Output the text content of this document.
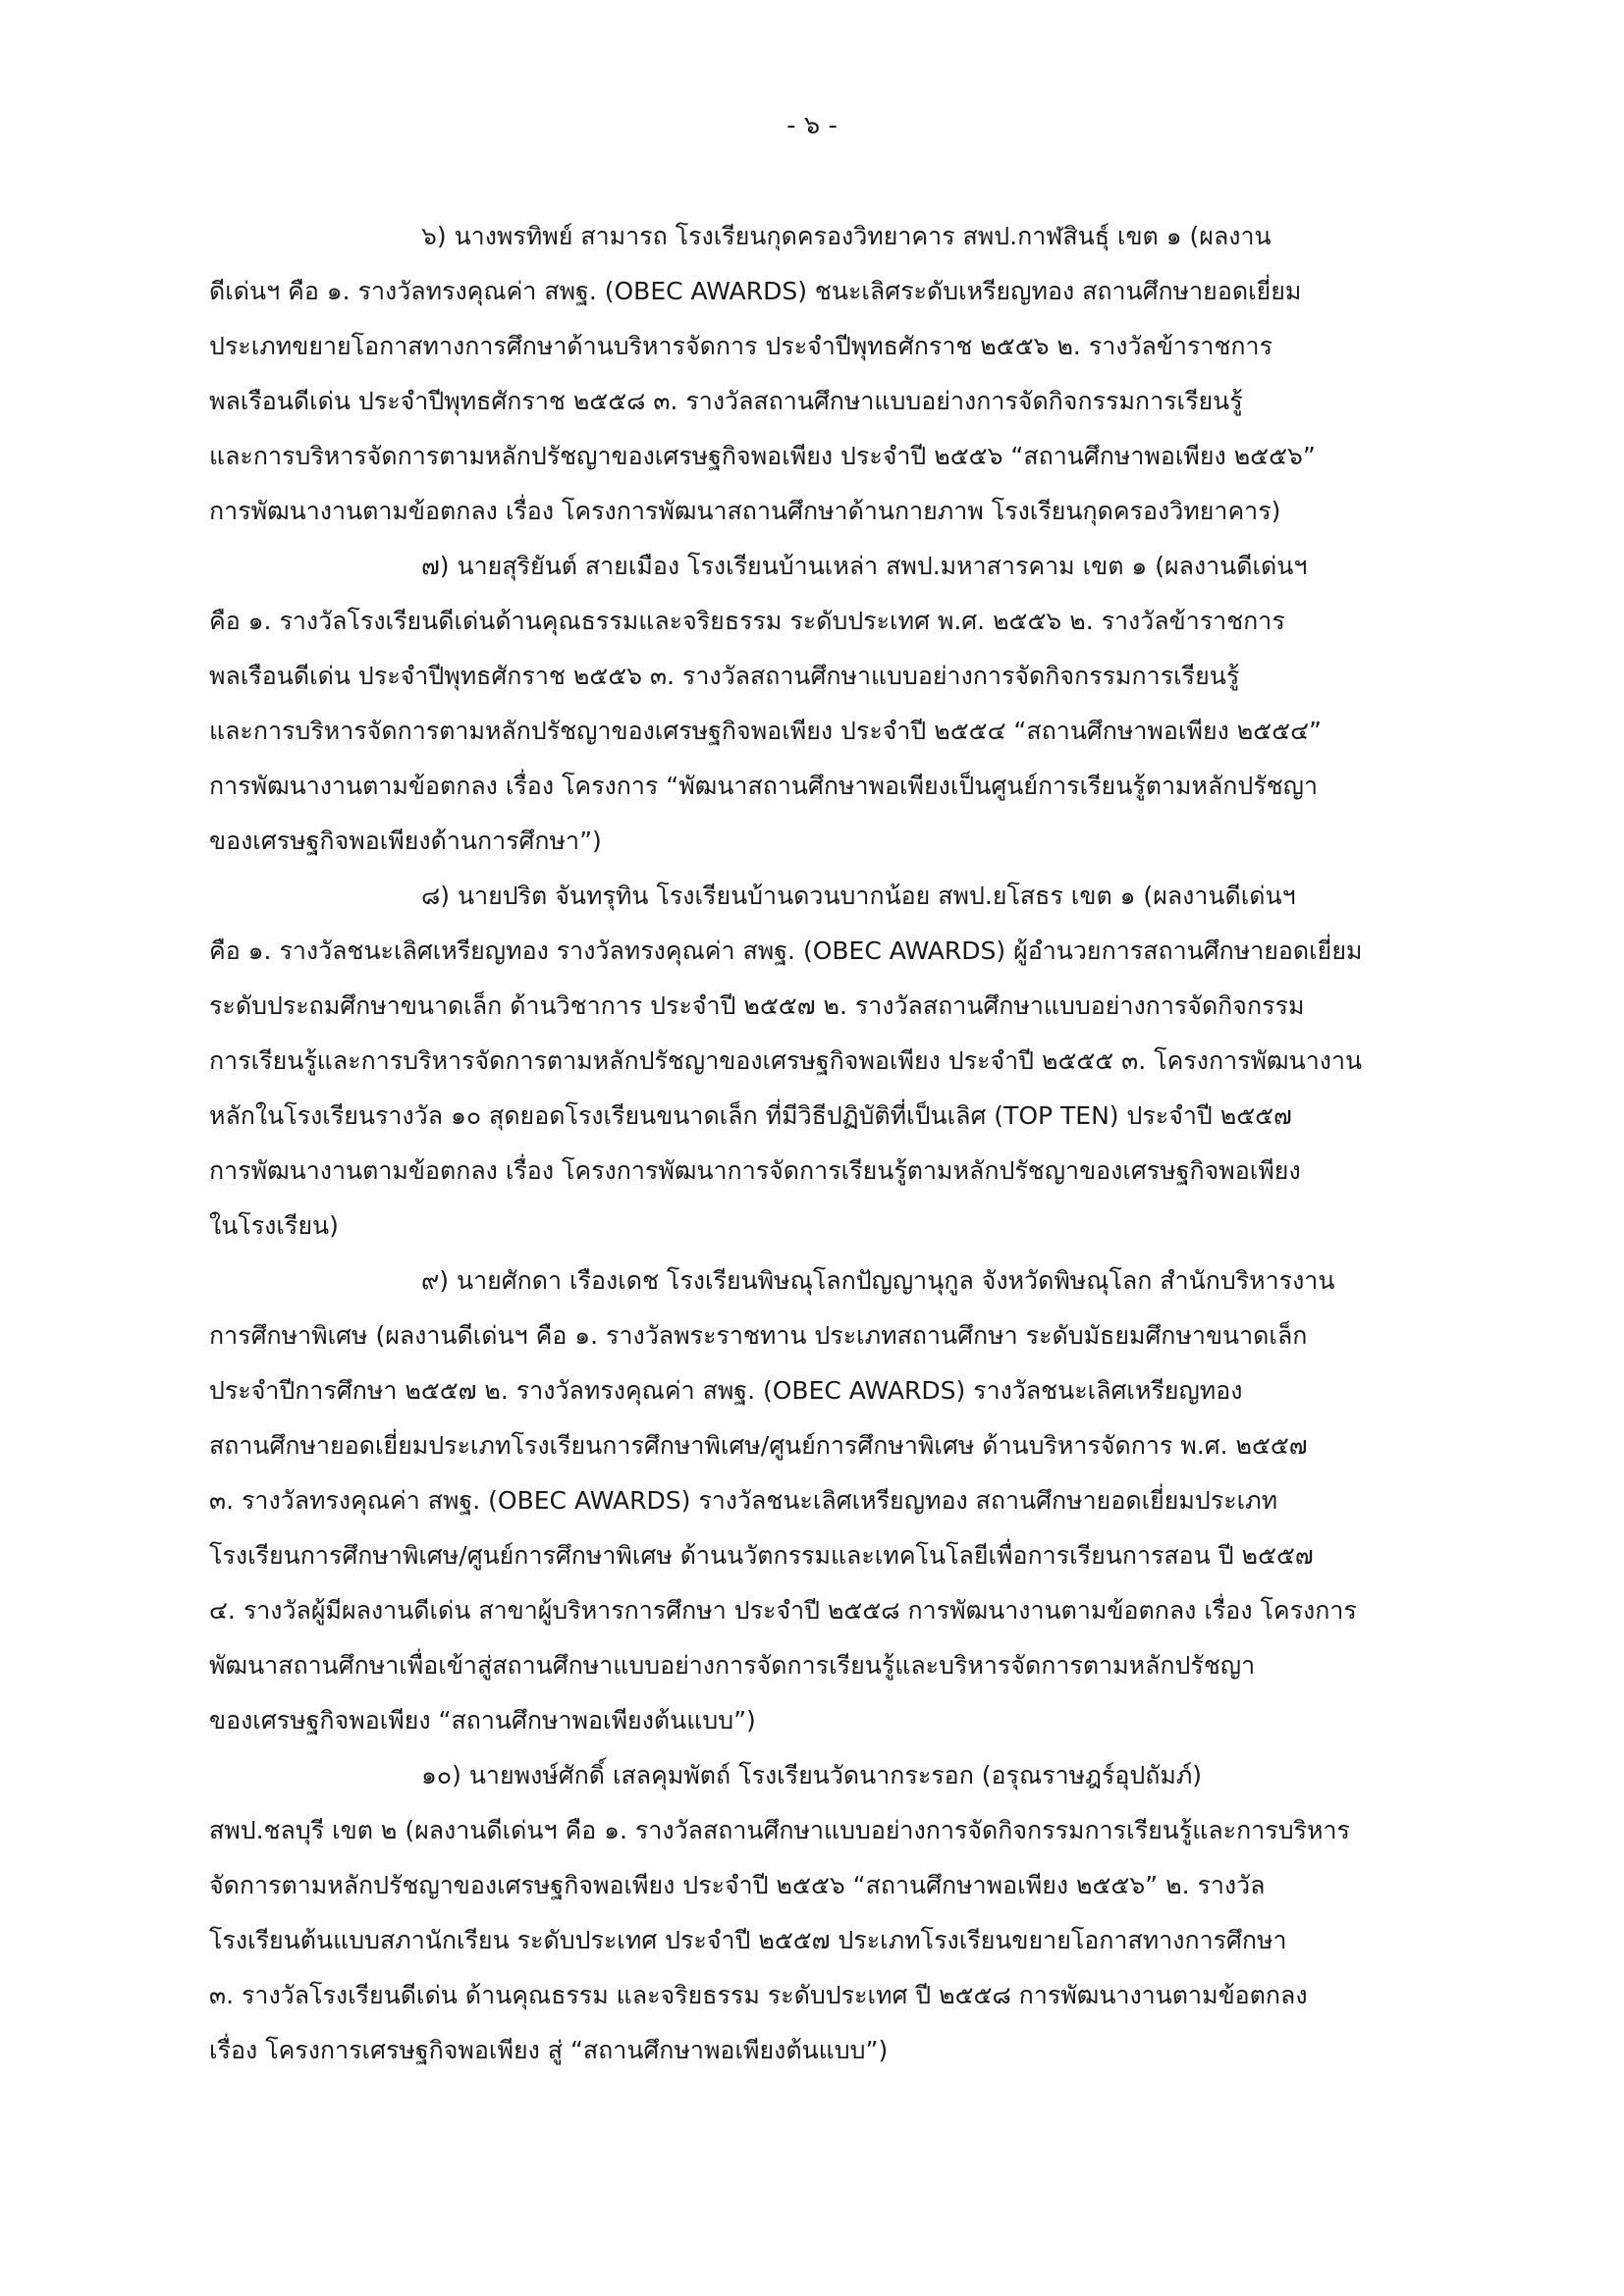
- ๖ -
๖) นางพรทิพย์ สามารถ โรงเรียนกุดครองวิทยาคาร สพป.กาฬสินธุ์ เขต ๑ (ผลงาน
ดีเด่นฯ คือ ๑. รางวัลทรงคุณค่า สพฐ. (OBEC AWARDS) ชนะเลิศระดับเหรียญทอง สถานศึกษายอดเยี่ยม
ประเภทขยายโอกาสทางการศึกษาด้านบริหารจัดการ ประจำปีพุทธศักราช ๒๕๕๖ ๒. รางวัลข้าราชการ
พลเรือนดีเด่น ประจำปีพุทธศักราช ๒๕๕๘ ๓. รางวัลสถานศึกษาแบบอย่างการจัดกิจกรรมการเรียนรู้
และการบริหารจัดการตามหลักปรัชญาของเศรษฐกิจพอเพียง ประจำปี ๒๕๕๖ “สถานศึกษาพอเพียง ๒๕๕๖”
การพัฒนางานตามข้อตกลง เรื่อง โครงการพัฒนาสถานศึกษาด้านกายภาพ โรงเรียนกุดครองวิทยาคาร)
๗) นายสุริยันต์ สายเมือง โรงเรียนบ้านเหล่า สพป.มหาสารคาม เขต ๑ (ผลงานดีเด่นฯ
คือ ๑. รางวัลโรงเรียนดีเด่นด้านคุณธรรมและจริยธรรม ระดับประเทศ พ.ศ. ๒๕๕๖ ๒. รางวัลข้าราชการ
พลเรือนดีเด่น ประจำปีพุทธศักราช ๒๕๕๖ ๓. รางวัลสถานศึกษาแบบอย่างการจัดกิจกรรมการเรียนรู้
และการบริหารจัดการตามหลักปรัชญาของเศรษฐกิจพอเพียง ประจำปี ๒๕๕๔ “สถานศึกษาพอเพียง ๒๕๕๔”
การพัฒนางานตามข้อตกลง เรื่อง โครงการ “พัฒนาสถานศึกษาพอเพียงเป็นศูนย์การเรียนรู้ตามหลักปรัชญา
ของเศรษฐกิจพอเพียงด้านการศึกษา”)
๘) นายปริต จันทรุทิน โรงเรียนบ้านดวนบากน้อย สพป.ยโสธร เขต ๑ (ผลงานดีเด่นฯ
คือ ๑. รางวัลชนะเลิศเหรียญทอง รางวัลทรงคุณค่า สพฐ. (OBEC AWARDS) ผู้อำนวยการสถานศึกษายอดเยี่ยม
ระดับประถมศึกษาขนาดเล็ก ด้านวิชาการ ประจำปี ๒๕๕๗ ๒. รางวัลสถานศึกษาแบบอย่างการจัดกิจกรรม
การเรียนรู้และการบริหารจัดการตามหลักปรัชญาของเศรษฐกิจพอเพียง ประจำปี ๒๕๕๕ ๓. โครงการพัฒนางาน
หลักในโรงเรียนรางวัล ๑๐ สุดยอดโรงเรียนขนาดเล็ก ที่มีวิธีปฏิบัติที่เป็นเลิศ (TOP TEN) ประจำปี ๒๕๕๗
การพัฒนางานตามข้อตกลง เรื่อง โครงการพัฒนาการจัดการเรียนรู้ตามหลักปรัชญาของเศรษฐกิจพอเพียง
ในโรงเรียน)
๙) นายศักดา เรืองเดช โรงเรียนพิษณุโลกปัญญานุกูล จังหวัดพิษณุโลก สำนักบริหารงาน
การศึกษาพิเศษ (ผลงานดีเด่นฯ คือ ๑. รางวัลพระราชทาน ประเภทสถานศึกษา ระดับมัธยมศึกษาขนาดเล็ก
ประจำปีการศึกษา ๒๕๕๗ ๒. รางวัลทรงคุณค่า สพฐ. (OBEC AWARDS) รางวัลชนะเลิศเหรียญทอง
สถานศึกษายอดเยี่ยมประเภทโรงเรียนการศึกษาพิเศษ/ศูนย์การศึกษาพิเศษ ด้านบริหารจัดการ พ.ศ. ๒๕๕๗
๓. รางวัลทรงคุณค่า สพฐ. (OBEC AWARDS) รางวัลชนะเลิศเหรียญทอง สถานศึกษายอดเยี่ยมประเภท
โรงเรียนการศึกษาพิเศษ/ศูนย์การศึกษาพิเศษ ด้านนวัตกรรมและเทคโนโลยีเพื่อการเรียนการสอน ปี ๒๕๕๗
๔. รางวัลผู้มีผลงานดีเด่น สาขาผู้บริหารการศึกษา ประจำปี ๒๕๕๘ การพัฒนางานตามข้อตกลง เรื่อง โครงการ
พัฒนาสถานศึกษาเพื่อเข้าสู่สถานศึกษาแบบอย่างการจัดการเรียนรู้และบริหารจัดการตามหลักปรัชญา
ของเศรษฐกิจพอเพียง “สถานศึกษาพอเพียงต้นแบบ”)
๑๐) นายพงษ์ศักดิ์ เสลคุมพัตถ์ โรงเรียนวัดนากระรอก (อรุณราษฎร์อุปถัมภ์)
สพป.ชลบุรี เขต ๒ (ผลงานดีเด่นฯ คือ ๑. รางวัลสถานศึกษาแบบอย่างการจัดกิจกรรมการเรียนรู้และการบริหาร
จัดการตามหลักปรัชญาของเศรษฐกิจพอเพียง ประจำปี ๒๕๕๖ “สถานศึกษาพอเพียง ๒๕๕๖” ๒. รางวัล
โรงเรียนต้นแบบสภานักเรียน ระดับประเทศ ประจำปี ๒๕๕๗ ประเภทโรงเรียนขยายโอกาสทางการศึกษา
๓. รางวัลโรงเรียนดีเด่น ด้านคุณธรรม และจริยธรรม ระดับประเทศ ปี ๒๕๕๘ การพัฒนางานตามข้อตกลง
เรื่อง โครงการเศรษฐกิจพอเพียง สู่ “สถานศึกษาพอเพียงต้นแบบ”)
